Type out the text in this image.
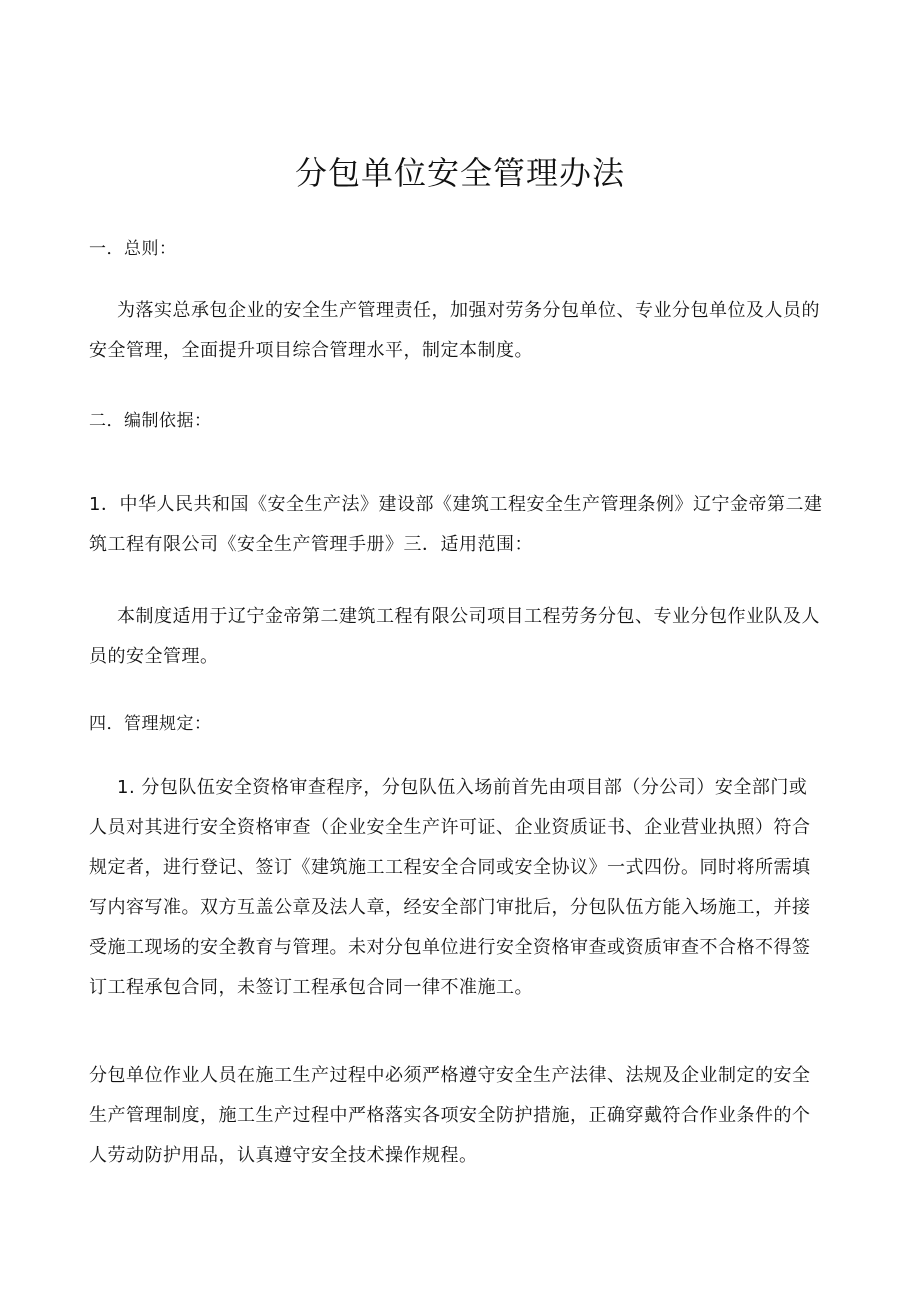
分包单位安全管理办法

一．总则：

为落实总承包企业的安全生产管理责任，加强对劳务分包单位、专业分包单位及人员的安全管理，全面提升项目综合管理水平，制定本制度。

二．编制依据：

1．中华人民共和国《安全生产法》建设部《建筑工程安全生产管理条例》辽宁金帝第二建筑工程有限公司《安全生产管理手册》三．适用范围：

本制度适用于辽宁金帝第二建筑工程有限公司项目工程劳务分包、专业分包作业队及人员的安全管理。

四．管理规定：

1. 分包队伍安全资格审查程序，分包队伍入场前首先由项目部（分公司）安全部门或人员对其进行安全资格审查（企业安全生产许可证、企业资质证书、企业营业执照）符合规定者，进行登记、签订《建筑施工工程安全合同或安全协议》一式四份。同时将所需填写内容写准。双方互盖公章及法人章，经安全部门审批后，分包队伍方能入场施工，并接受施工现场的安全教育与管理。未对分包单位进行安全资格审查或资质审查不合格不得签订工程承包合同，未签订工程承包合同一律不准施工。

分包单位作业人员在施工生产过程中必须严格遵守安全生产法律、法规及企业制定的安全生产管理制度，施工生产过程中严格落实各项安全防护措施，正确穿戴符合作业条件的个人劳动防护用品，认真遵守安全技术操作规程。
